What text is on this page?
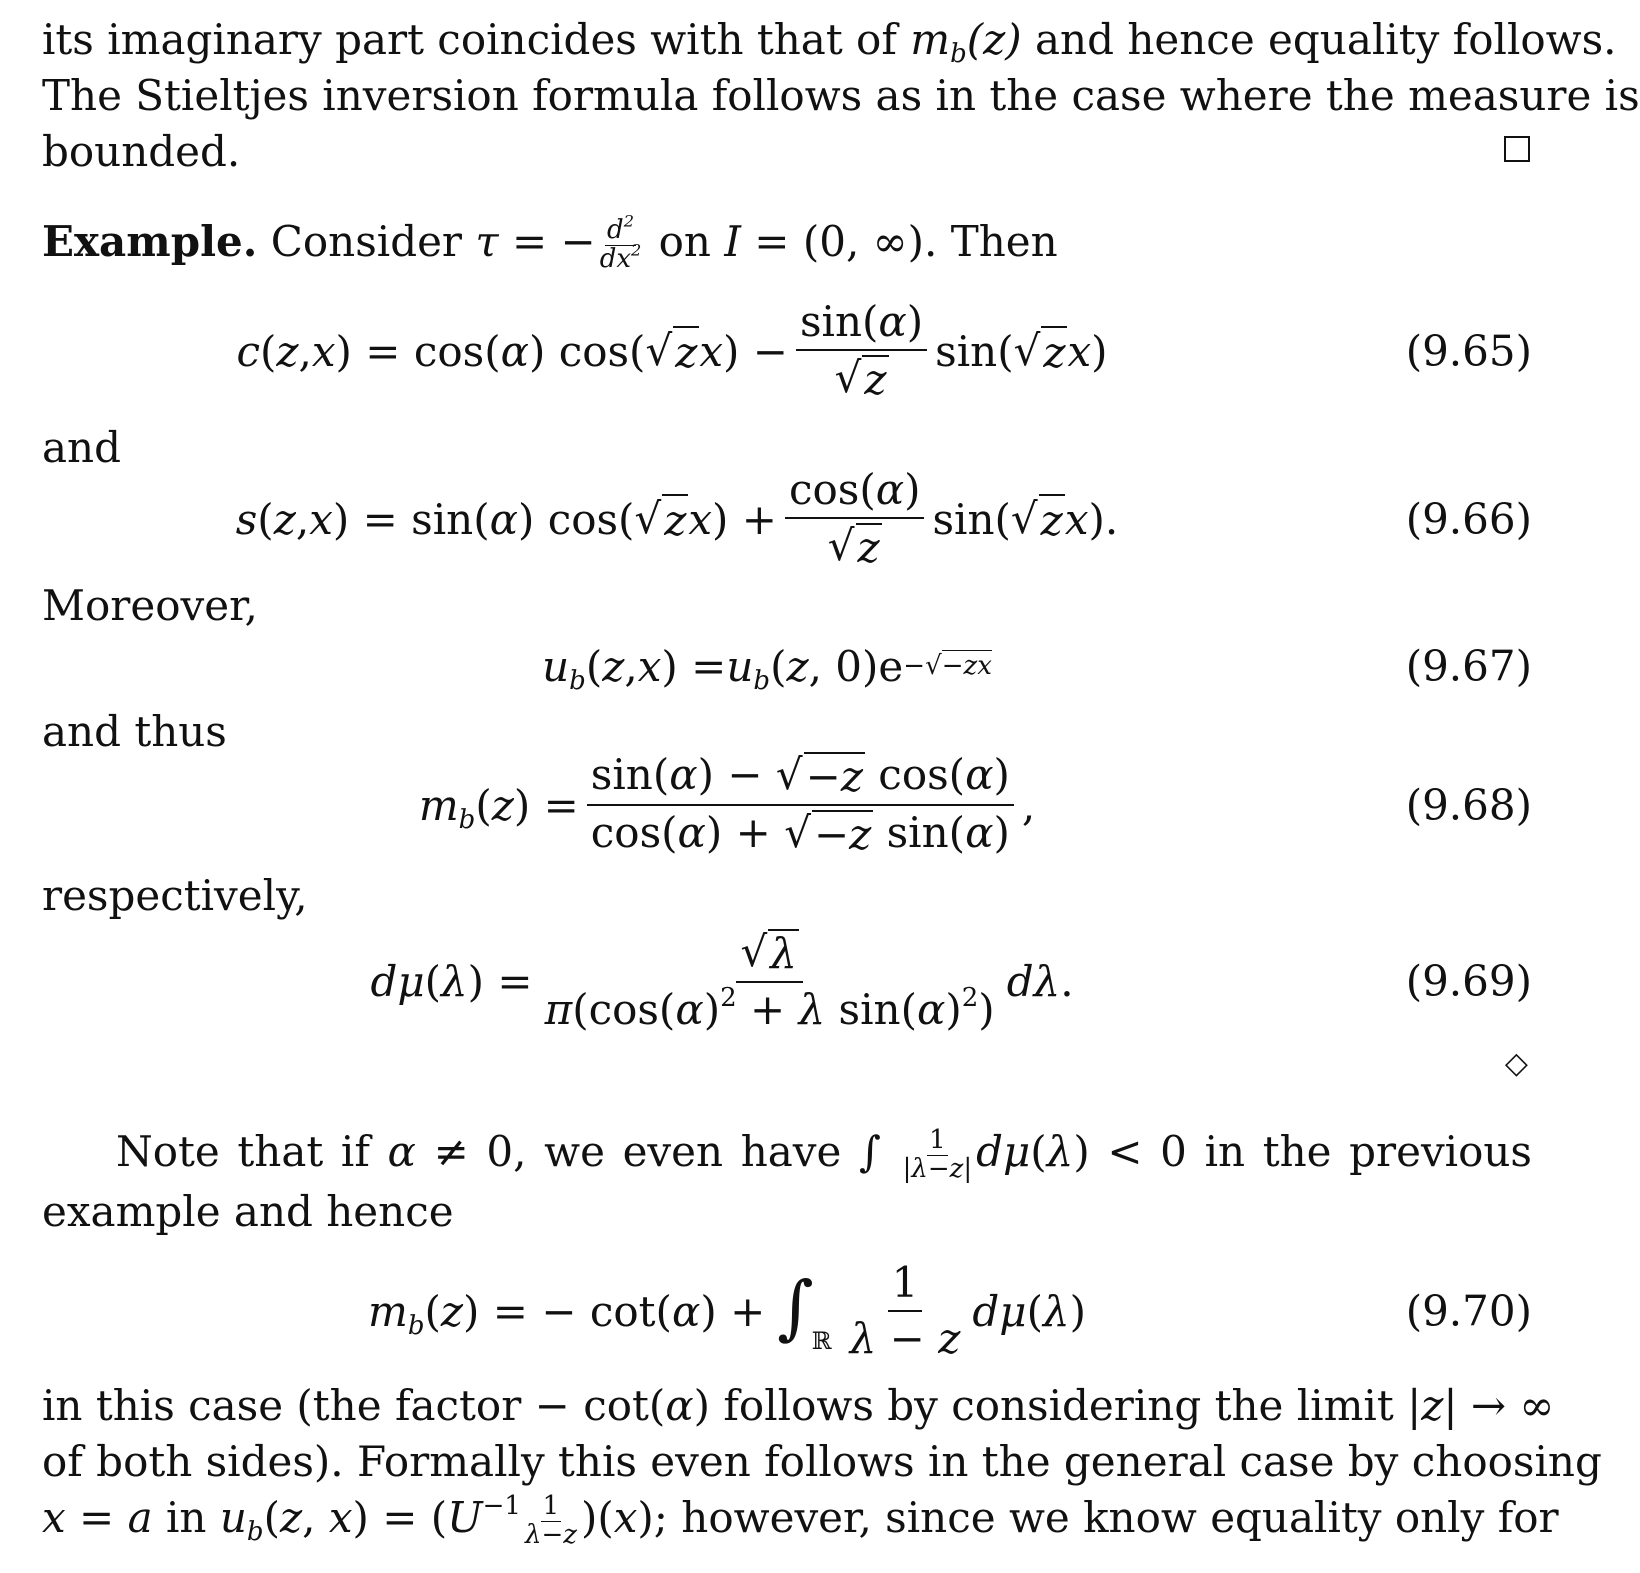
its imaginary part coincides with that of $m_b(z)$ and hence equality follows.
The Stieltjes inversion formula follows as in the case where the measure is
bounded.
Example. Consider τ = − $\frac{d^2}{dx^2}$ on I = (0, ∞). Then
c ( z , x ) = cos( α ) cos( √ z x ) − $\frac{\sin(\alpha)}{√ z} \sin$( √ z x )	(9.65)
and
s ( z , x ) = sin( α ) cos( √ z x ) + $\frac{\cos(\alpha)}{√ z} \sin$( √ z x ).	(9.66)
Moreover,
$u_b$ ( z , x ) = $u_b$ ( z , 0)e −√−zx	(9.67)
and thus
$m_b$ ( z ) = $\frac{\text{sin(α) − √ −z cos(α)}}{\text{cos(α) + √ −z sin(α)}}$ ,	(9.68)
respectively,
dμ ( λ ) = $\frac{√ \lambda}{\pi(\cos(\alpha)^2 + \lambda \sin(\alpha)^2)}$ dλ .	(9.69)
◇
Note that if α ≠ 0, we even have ∫ $\frac{1}{|\lambda-z|} d\mu(\lambda) < 0$ in the previous
example and hence
$m_b$ ( z ) = − cot( α ) + ∫
ℝ $\frac{1}{\lambda - z}$ dμ ( λ )	(9.70)
in this case (the factor − cot(α) follows by considering the limit |z| → ∞
of both sides). Formally this even follows in the general case by choosing
x = a in $u_b(z$, $x) = (U^{-1} \frac{1}{\lambda-z} )(x)$; however, since we know equality only for
